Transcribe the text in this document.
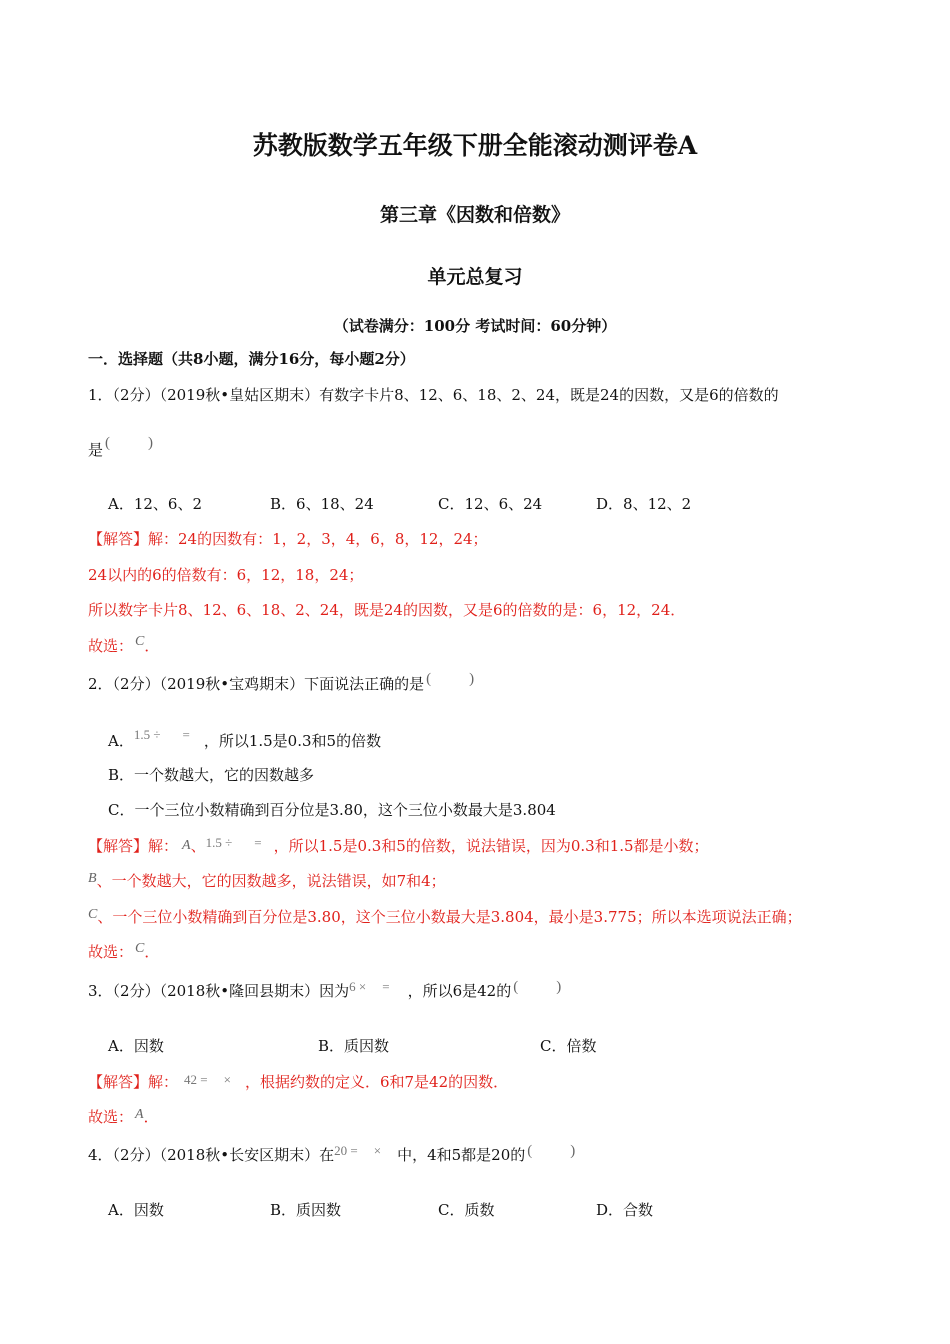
苏教版数学五年级下册全能滚动测评卷A
第三章《因数和倍数》
单元总复习
（试卷满分：100分 考试时间：60分钟）
一．选择题（共8小题，满分16分，每小题2分）
1．（2分）（2019秋•皇姑区期末）有数字卡片8、12、6、18、2、24，既是24的因数，又是6的倍数的
是 (	)
A．12、6、2	B．6、18、24	C．12、6、24	D．8、12、2
【解答】解：24的因数有：1，2，3，4，6，8，12，24；
24以内的6的倍数有：6，12，18，24；
所以数字卡片8、12、6、18、2、24，既是24的因数，又是6的倍数的是：6，12，24．
故选： C．
2．（2分）（2019秋•宝鸡期末）下面说法正确的是 (	)
A．1.5 ÷ = ，所以1.5是0.3和5的倍数
B．一个数越大，它的因数越多
C．一个三位小数精确到百分位是3.80，这个三位小数最大是3.804
【解答】解： A、1.5 ÷ = ，所以1.5是0.3和5的倍数，说法错误，因为0.3和1.5都是小数；
B、一个数越大，它的因数越多，说法错误，如7和4；
C、一个三位小数精确到百分位是3.80，这个三位小数最大是3.804，最小是3.775；所以本选项说法正确；
故选： C．
3．（2分）（2018秋•隆回县期末）因为6 × = ，所以6是42的 (	)
A．因数	B．质因数	C．倍数
【解答】解： 42 = × ，根据约数的定义．6和7是42的因数．
故选： A．
4．（2分）（2018秋•长安区期末）在20 = × 中，4和5都是20的 (	)
A．因数	B．质因数	C．质数	D．合数
